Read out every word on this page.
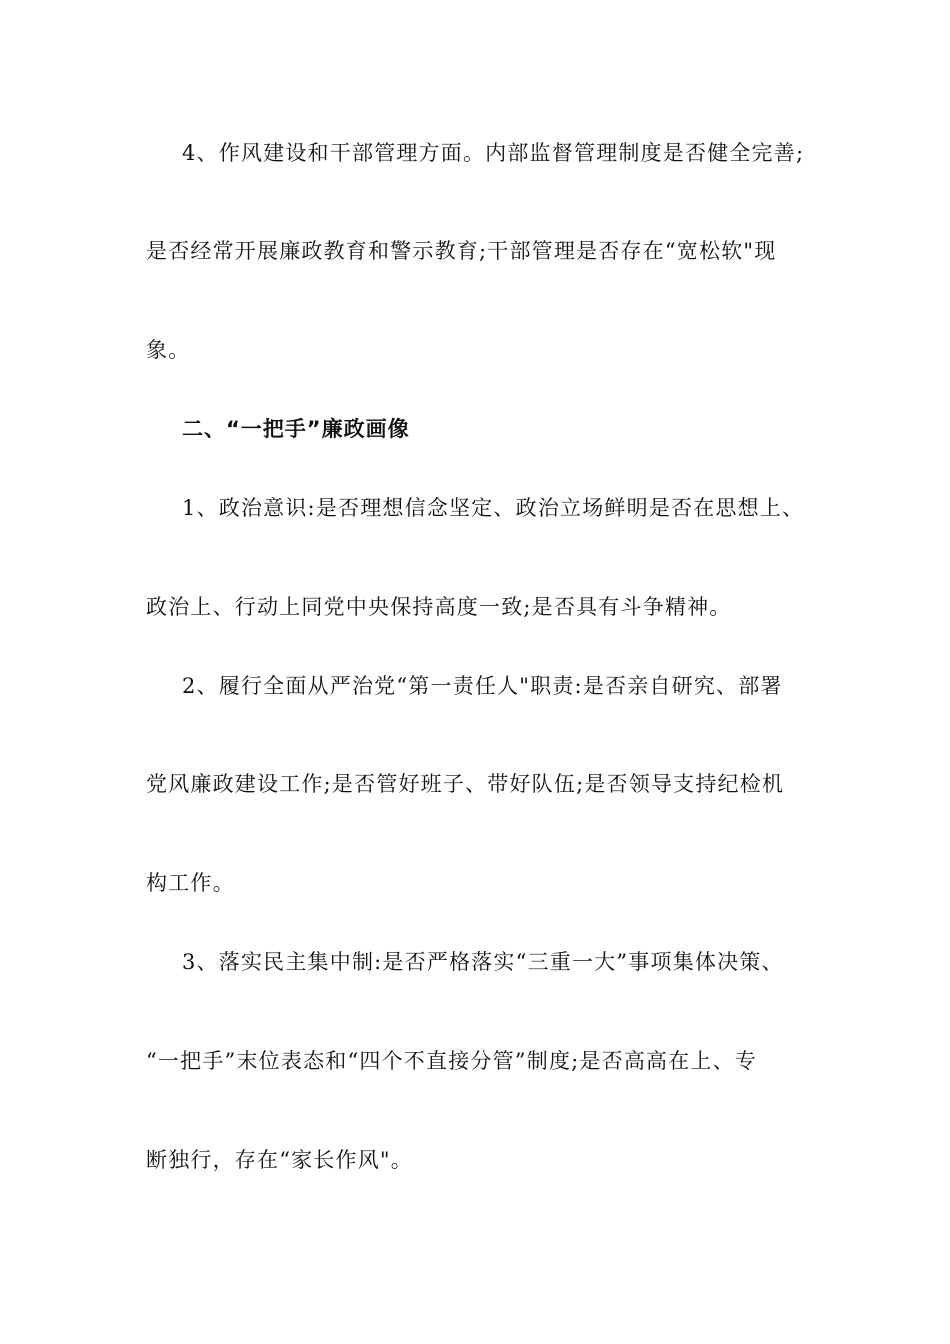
4、作风建设和干部管理方面。内部监督管理制度是否健全完善;
是否经常开展廉政教育和警示教育;干部管理是否存在“宽松软"现
象。
二、“一把手”廉政画像
1、政治意识:是否理想信念坚定、政治立场鲜明是否在思想上、
政治上、行动上同党中央保持高度一致;是否具有斗争精神。
2、履行全面从严治党“第一责任人"职责:是否亲自研究、部署
党风廉政建设工作;是否管好班子、带好队伍;是否领导支持纪检机
构工作。
3、落实民主集中制:是否严格落实“三重一大”事项集体决策、
“一把手”末位表态和“四个不直接分管”制度;是否高高在上、专
断独行，存在“家长作风"。
